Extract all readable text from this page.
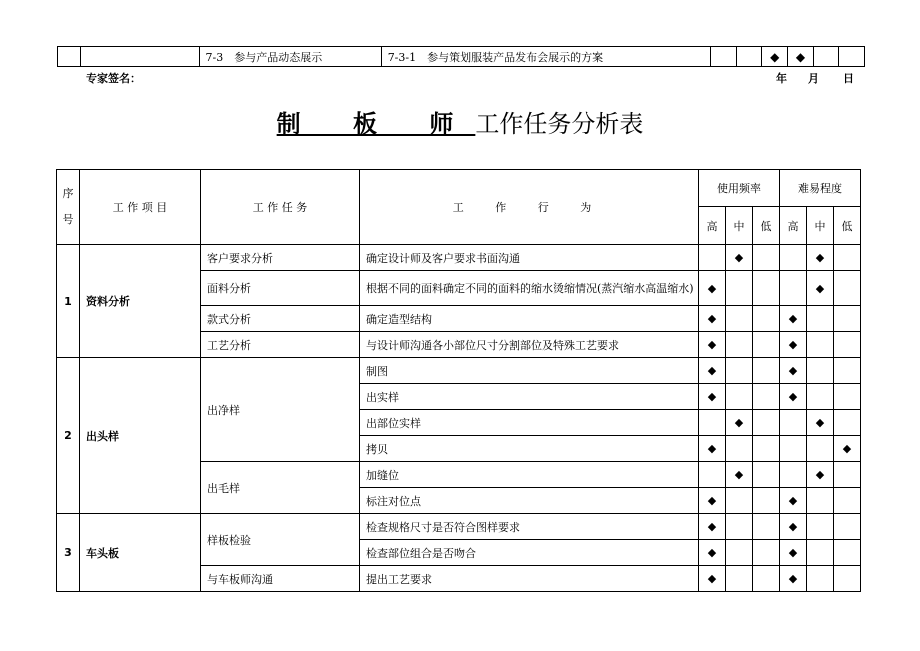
		7-3　参与产品动态展示	7-3-1　参与策划服装产品发布会展示的方案			◆	◆		
专家签名：	年 月 日
制 板 师工作任务分析表
序号	工 作 项 目	工 作 任 务	工 作 行 为	使用频率			难易程度		
				高	中	低	高	中	低
1	资料分析	客户要求分析	确定设计师及客户要求书面沟通		◆			◆	
		面料分析	根据不同的面料确定不同的面料的缩水烫缩情况(蒸汽缩水高温缩水)	◆				◆	
		款式分析	确定造型结构	◆			◆		
		工艺分析	与设计师沟通各小部位尺寸分割部位及特殊工艺要求	◆			◆		
2	出头样	出净样	制图	◆			◆		
			出实样	◆			◆		
			出部位实样		◆			◆	
			拷贝	◆					◆
		出毛样	加缝位		◆			◆	
			标注对位点	◆			◆		
3	车头板	样板检验	检查规格尺寸是否符合图样要求	◆			◆		
			检查部位组合是否吻合	◆			◆		
		与车板师沟通	提出工艺要求	◆			◆		
